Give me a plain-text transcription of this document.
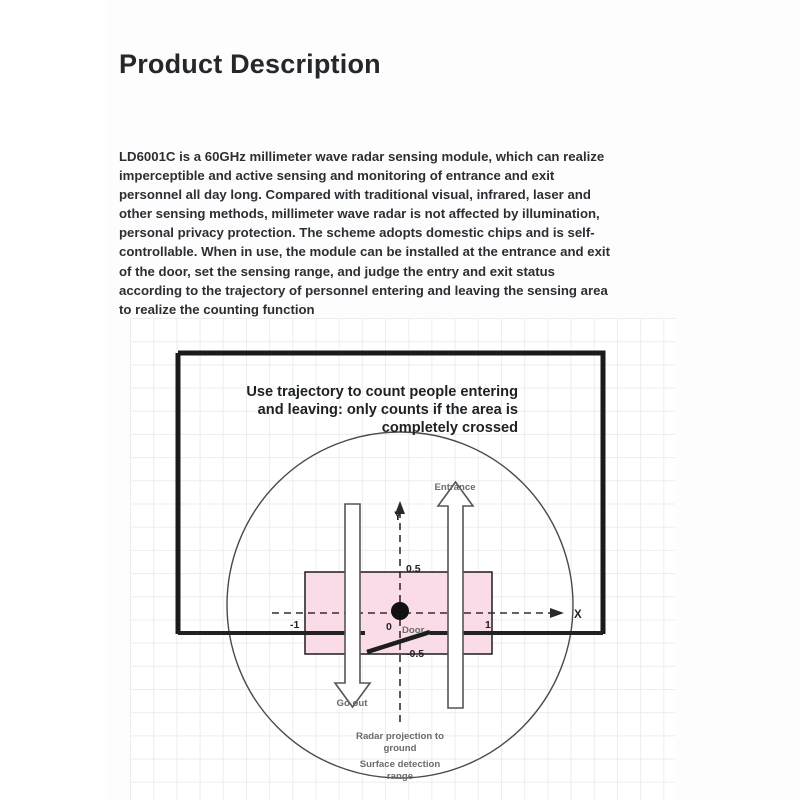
Product Description
LD6001C is a 60GHz millimeter wave radar sensing module, which can realize imperceptible and active sensing and monitoring of entrance and exit personnel all day long. Compared with traditional visual, infrared, laser and other sensing methods, millimeter wave radar is not affected by illumination, personal privacy protection. The scheme adopts domestic chips and is self-controllable. When in use, the module can be installed at the entrance and exit of the door, set the sensing range, and judge the entry and exit status according to the trajectory of personnel entering and leaving the sensing area to realize the counting function
Use trajectory to count people entering
and leaving: only counts if the area is
completely crossed
-1	0	1
0.5
-0.5
X
Y
Entrance
Go out
Door
Radar projection to
ground
Surface detection
range
